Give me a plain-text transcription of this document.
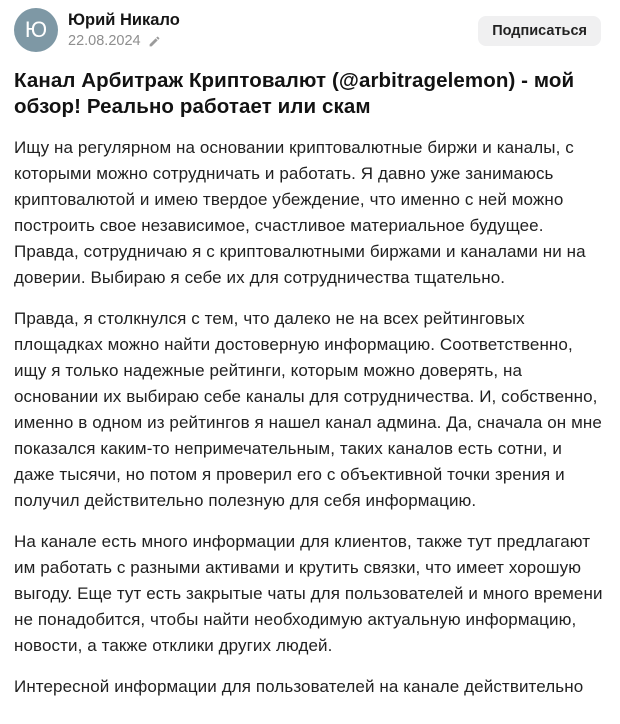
Ю Юрий Никало
22.08.2024
Подписаться
Канал Арбитраж Криптовалют (@arbitragelemon) - мой обзор! Реально работает или скам

Ищу на регулярном на основании криптовалютные биржи и каналы, с которыми можно сотрудничать и работать. Я давно уже занимаюсь криптовалютой и имею твердое убеждение, что именно с ней можно построить свое независимое, счастливое материальное будущее. Правда, сотрудничаю я с криптовалютными биржами и каналами ни на доверии. Выбираю я себе их для сотрудничества тщательно.

Правда, я столкнулся с тем, что далеко не на всех рейтинговых площадках можно найти достоверную информацию. Соответственно, ищу я только надежные рейтинги, которым можно доверять, на основании их выбираю себе каналы для сотрудничества. И, собственно, именно в одном из рейтингов я нашел канал админа. Да, сначала он мне показался каким-то непримечательным, таких каналов есть сотни, и даже тысячи, но потом я проверил его с объективной точки зрения и получил действительно полезную для себя информацию.

На канале есть много информации для клиентов, также тут предлагают им работать с разными активами и крутить связки, что имеет хорошую выгоду. Еще тут есть закрытые чаты для пользователей и много времени не понадобится, чтобы найти необходимую актуальную информацию, новости, а также отклики других людей.

Интересной информации для пользователей на канале действительно
